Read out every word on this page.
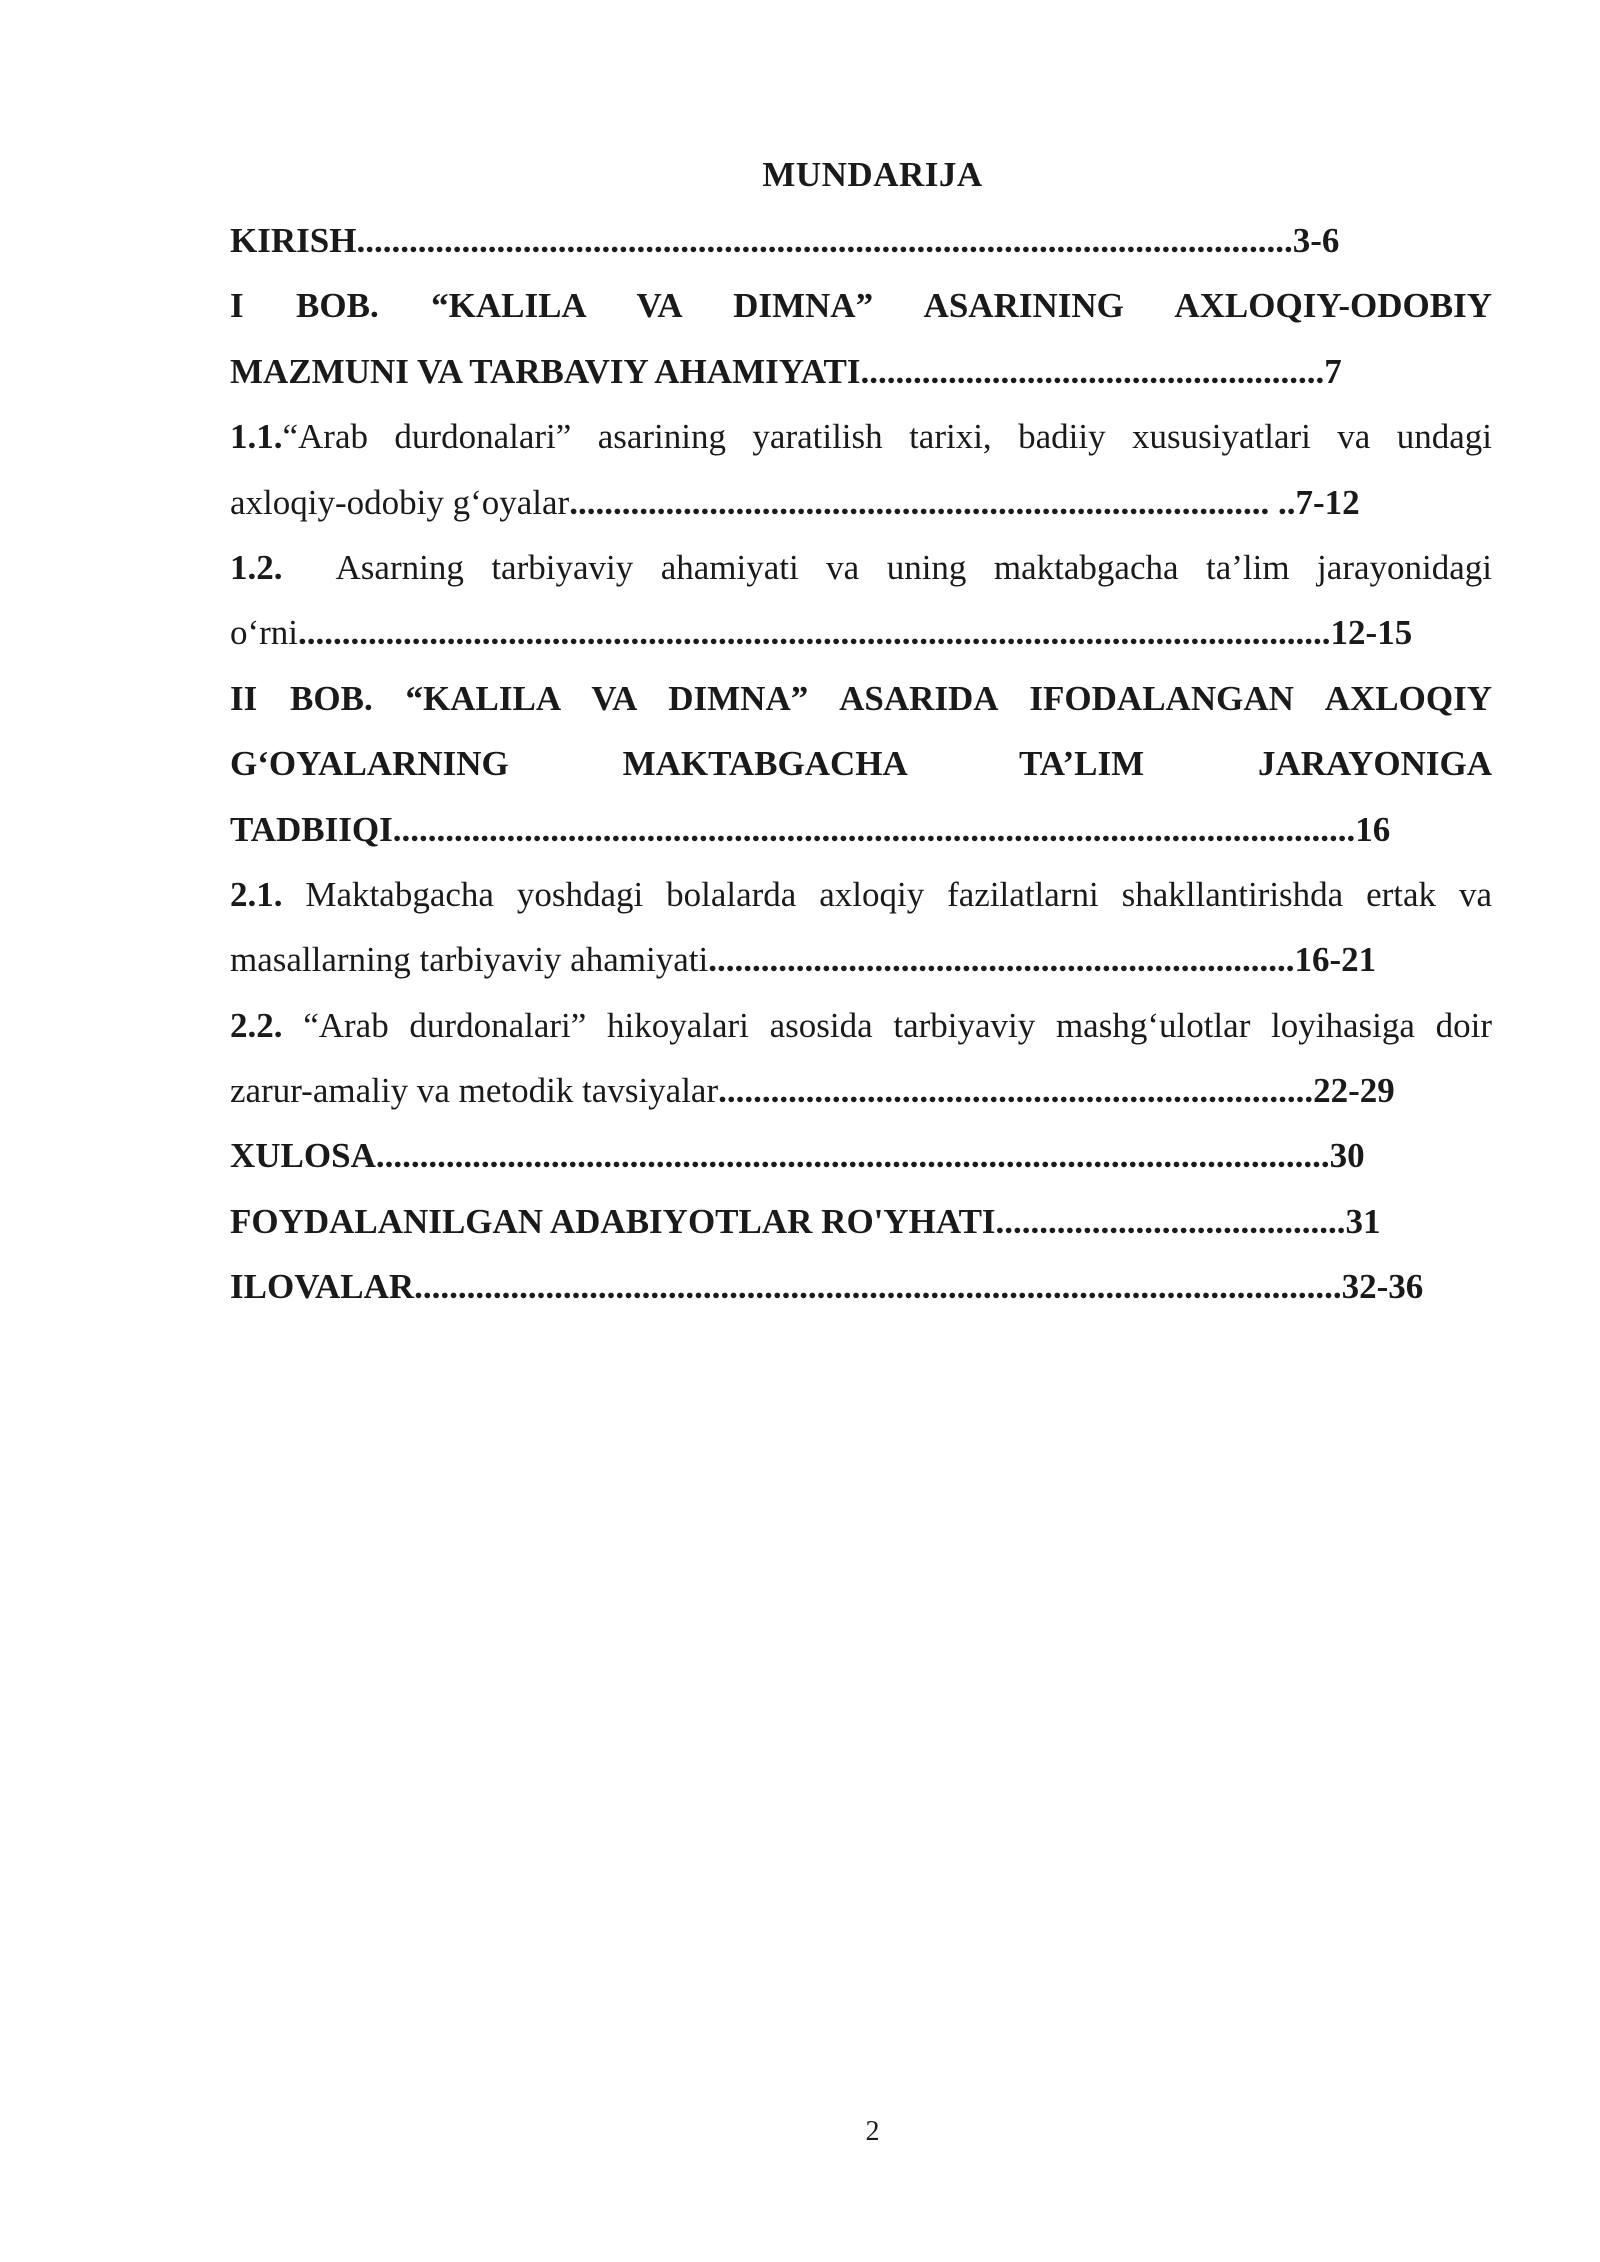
MUNDARIJA
KIRISH...........................................................................................................3-6
I BOB. “KALILA VA DIMNA” ASARINING AXLOQIY-ODOBIY
MAZMUNI VA TARBAVIY AHAMIYATI.....................................................7
1.1.“Arab durdonalari” asarining yaratilish tarixi, badiiy xususiyatlari va undagi
axloqiy-odobiy g‘oyalar................................................................................ ..7-12
1.2. Asarning tarbiyaviy ahamiyati va uning maktabgacha ta’lim jarayonidagi
o‘rni......................................................................................................................12-15
II BOB. “KALILA VA DIMNA” ASARIDA IFODALANGAN AXLOQIY
G‘OYALARNING MAKTABGACHA TA’LIM JARAYONIGA
TADBIIQI..............................................................................................................16
2.1. Maktabgacha yoshdagi bolalarda axloqiy fazilatlarni shakllantirishda ertak va
masallarning tarbiyaviy ahamiyati...................................................................16-21
2.2. “Arab durdonalari” hikoyalari asosida tarbiyaviy mashg‘ulotlar loyihasiga doir
zarur-amaliy va metodik tavsiyalar....................................................................22-29
XULOSA.............................................................................................................30
FOYDALANILGAN ADABIYOTLAR RO'YHATI........................................31
ILOVALAR..........................................................................................................32-36
2
